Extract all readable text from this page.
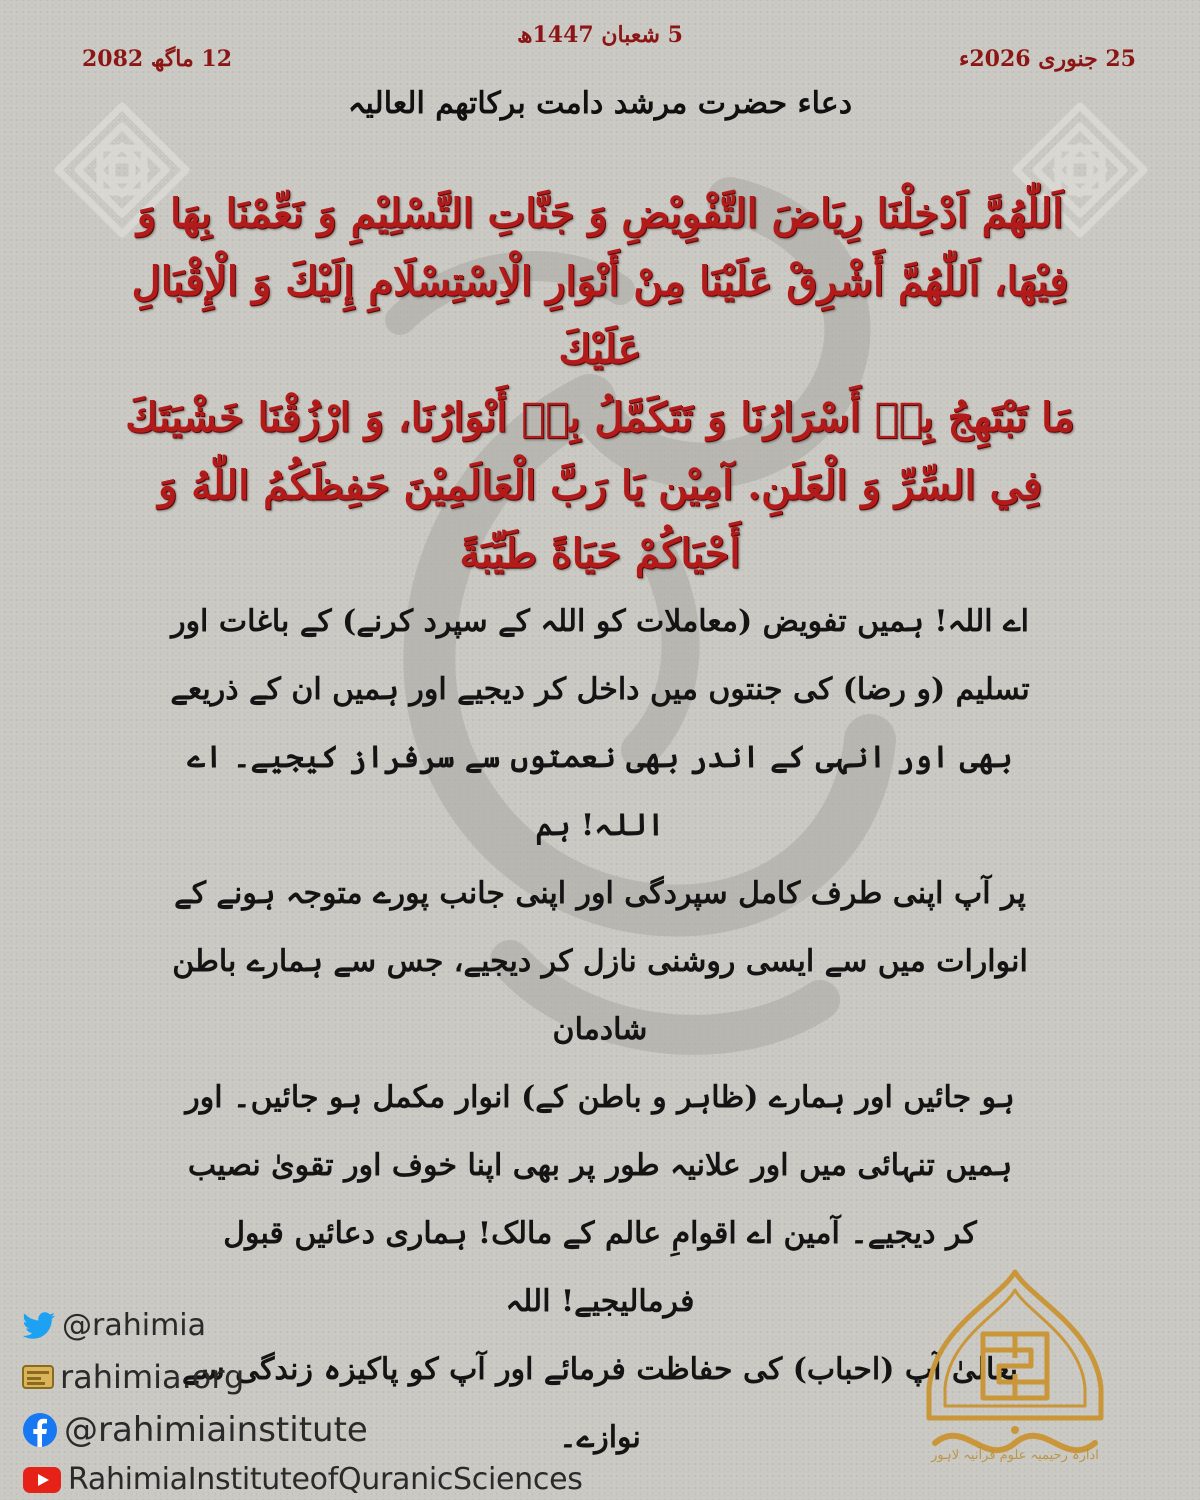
5 شعبان 1447ھ
25 جنوری 2026ء
12 ماگھ 2082
دعاء حضرت مرشد دامت برکاتھم العالیہ
اَللّٰهُمَّ اَدْخِلْنَا رِيَاضَ التَّفْوِيْضِ وَ جَنَّاتِ التَّسْلِيْمِ وَ نَعِّمْنَا بِهَا وَ
فِيْهَا، اَللّٰهُمَّ أَشْرِقْ عَلَيْنَا مِنْ أَنْوَارِ الْاِسْتِسْلَامِ إِلَيْكَ وَ الْإِقْبَالِ عَلَيْكَ
مَا تَبْتَهِجُ بِهٖ أَسْرَارُنَا وَ تَتَكَمَّلُ بِهٖ أَنْوَارُنَا، وَ ارْزُقْنَا خَشْيَتَكَ
فِي السِّرِّ وَ الْعَلَنِ. آمِيْن يَا رَبَّ الْعَالَمِيْنَ حَفِظَكُمُ اللّٰهُ وَ
أَحْيَاكُمْ حَيَاةً طَيِّبَةً
اے اللہ! ہمیں تفویض (معاملات کو اللہ کے سپرد کرنے) کے باغات اور
تسلیم (و رضا) کی جنتوں میں داخل کر دیجیے اور ہمیں ان کے ذریعے
بھی اور انہی کے اندر بھی نعمتوں سے سرفراز کیجیے۔ اے اللہ! ہم
پر آپ اپنی طرف کامل سپردگی اور اپنی جانب پورے متوجہ ہونے کے
انوارات میں سے ایسی روشنی نازل کر دیجیے، جس سے ہمارے باطن شادمان
ہو جائیں اور ہمارے (ظاہر و باطن کے) انوار مکمل ہو جائیں۔ اور
ہمیں تنہائی میں اور علانیہ طور پر بھی اپنا خوف اور تقویٰ نصیب
کر دیجیے۔ آمین اے اقوامِ عالم کے مالک! ہماری دعائیں قبول فرمالیجیے! اللہ
تعالیٰ آپ (احباب) کی حفاظت فرمائے اور آپ کو پاکیزہ زندگی سے نوازے۔
@rahimia
rahimia.org
@rahimiainstitute
RahimiaInstituteofQuranicSciences
ادارہ رحیمیہ علوم قرآنیہ لاہور
